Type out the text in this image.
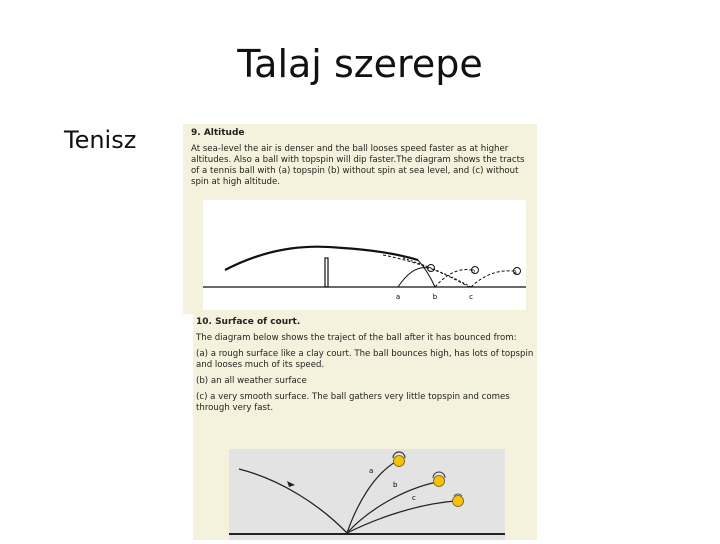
Talaj szerepe
Tenisz	9. Altitude
At sea-level the air is denser and the ball looses speed faster as at higher altitudes. Also a ball with topspin will dip faster.The diagram shows the tracts of a tennis ball with (a) topspin (b) without spin at sea level, and (c) without spin at high altitude.
c	b	a
a	b	c
10. Surface of court.
The diagram below shows the traject of the ball after it has bounced from:
(a) a rough surface like a clay court. The ball bounces high, has lots of topspin and looses much of its speed.
(b) an all weather surface
(c) a very smooth surface. The ball gathers very little topspin and comes through very fast.
a
b
c
